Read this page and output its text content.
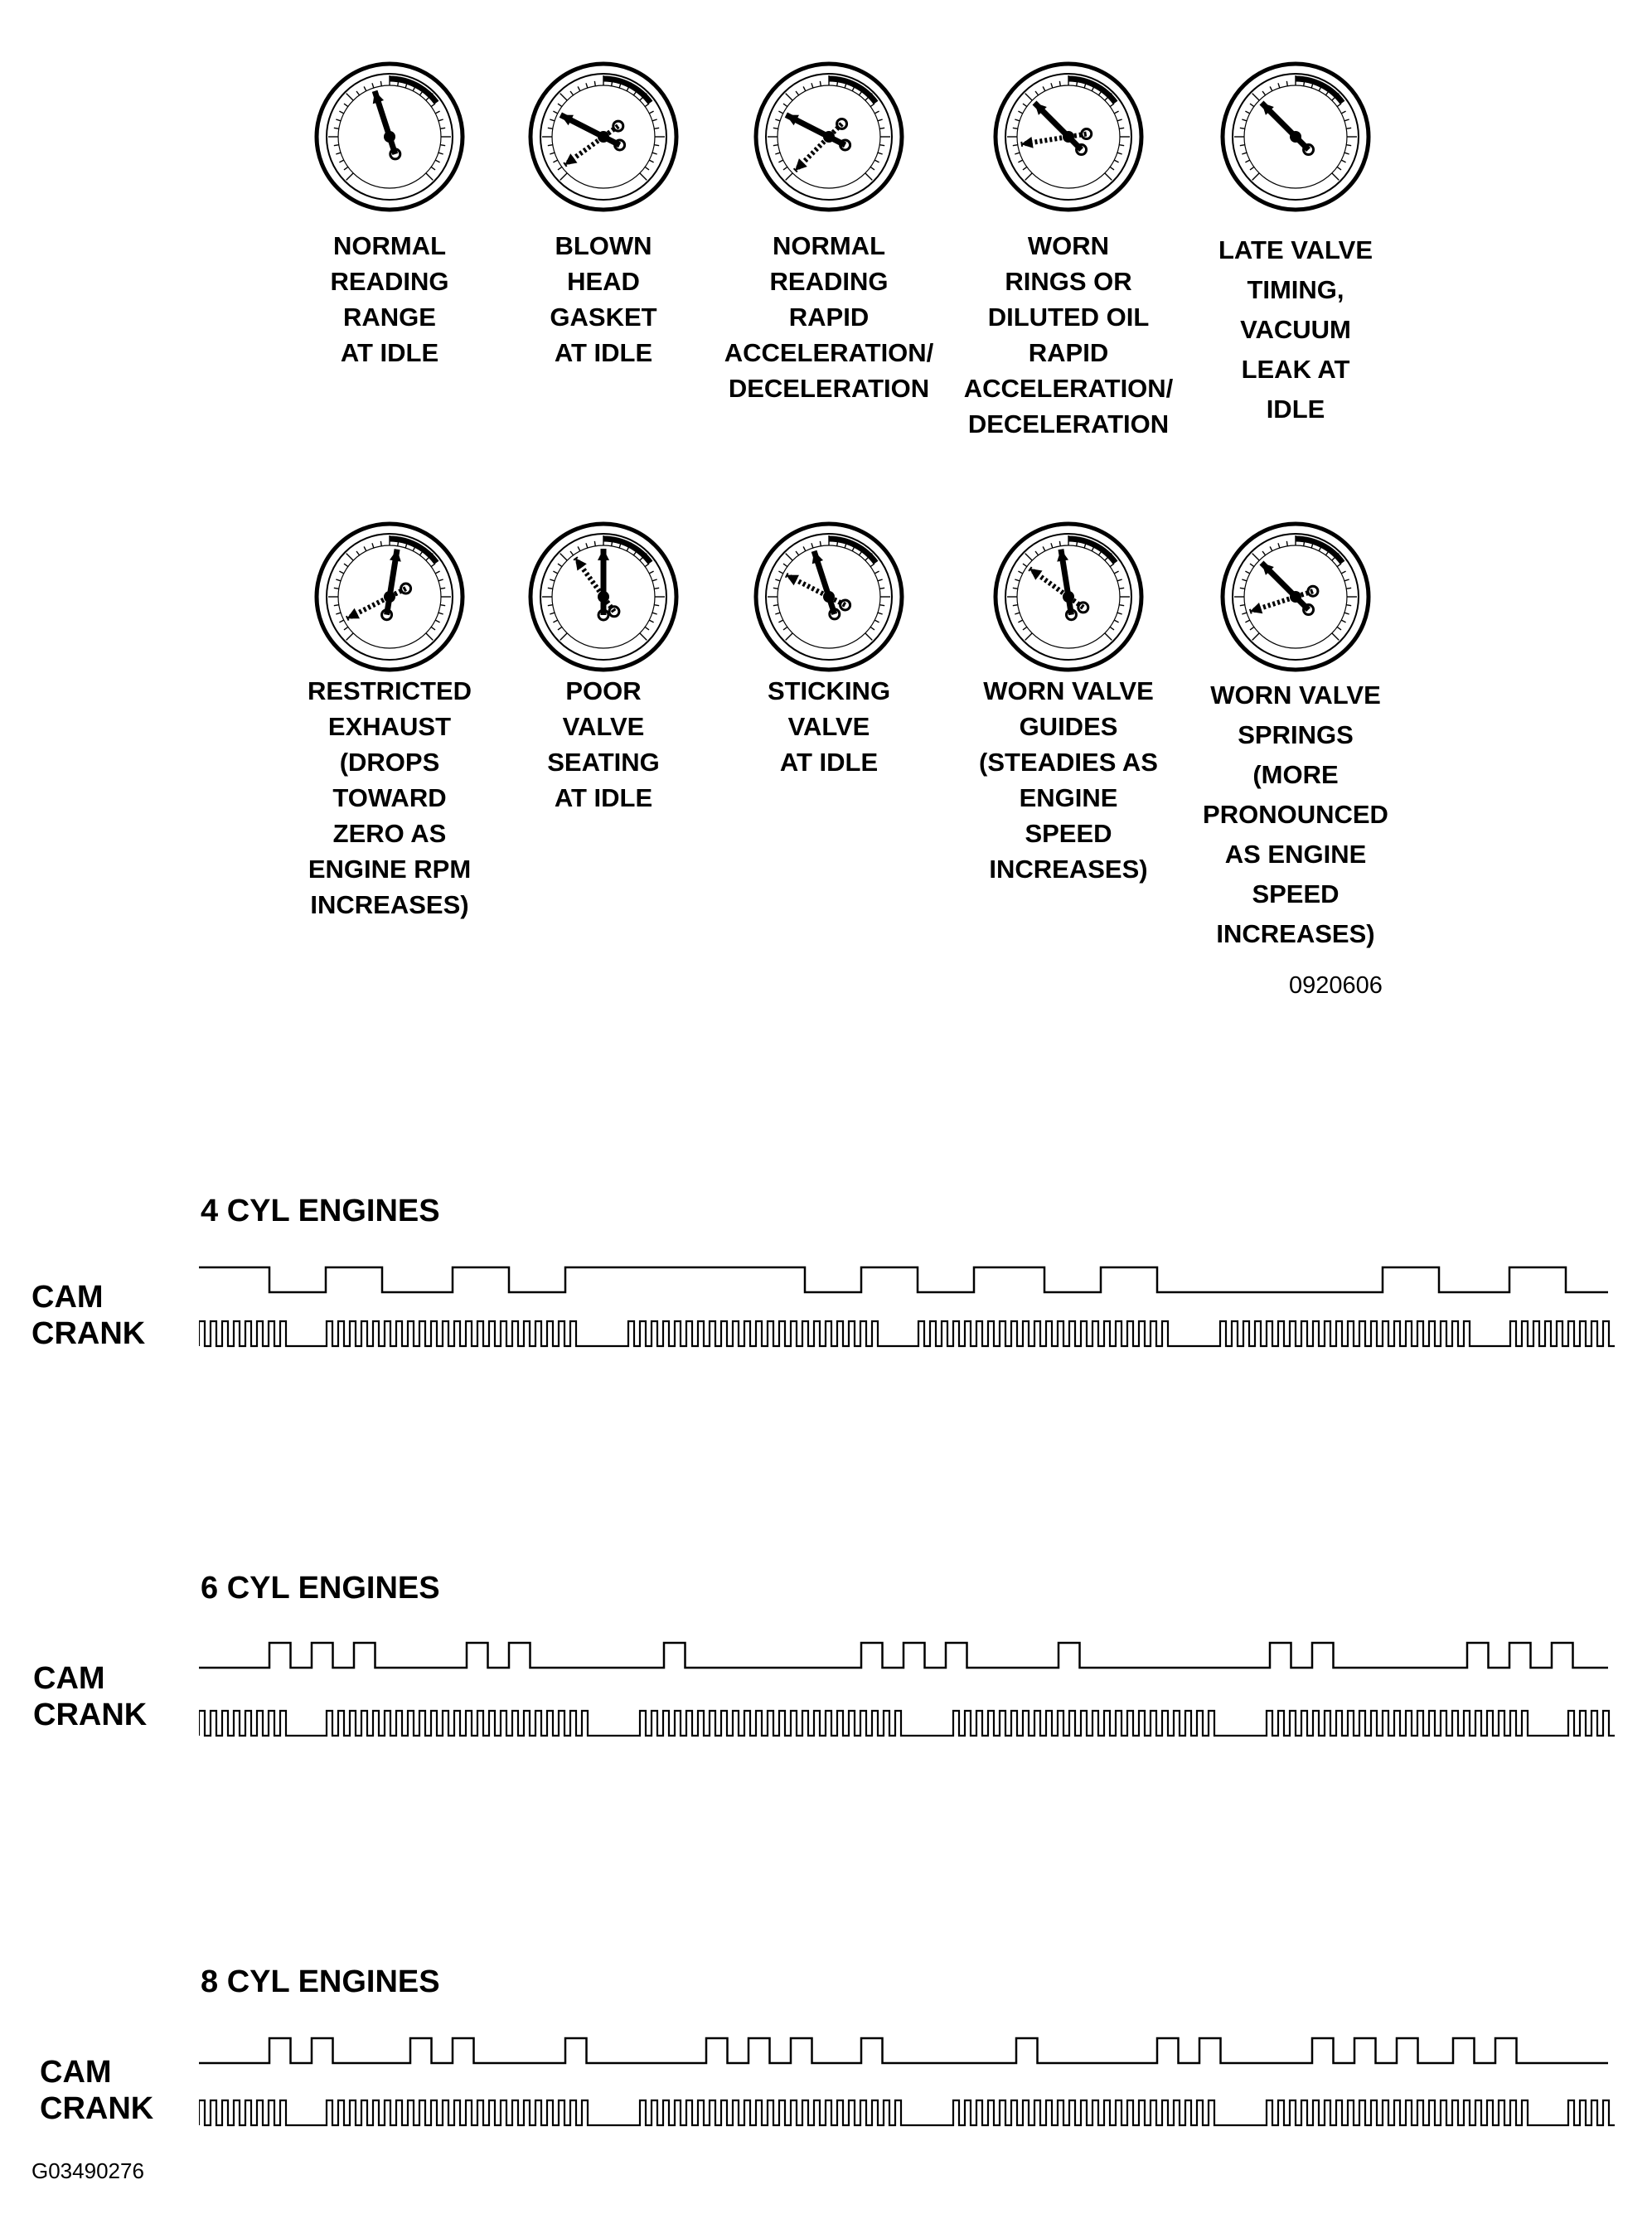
NORMAL
READING
RANGE
AT IDLE
BLOWN
HEAD
GASKET
AT IDLE
NORMAL
READING
RAPID
ACCELERATION/
DECELERATION
WORN
RINGS OR
DILUTED OIL
RAPID
ACCELERATION/
DECELERATION
LATE VALVE
TIMING,
VACUUM
LEAK AT
IDLE
RESTRICTED
EXHAUST
(DROPS
TOWARD
ZERO AS
ENGINE RPM
INCREASES)
POOR
VALVE
SEATING
AT IDLE
STICKING
VALVE
AT IDLE
WORN VALVE
GUIDES
(STEADIES AS
ENGINE
SPEED
INCREASES)
WORN VALVE
SPRINGS
(MORE
PRONOUNCED
AS ENGINE
SPEED
INCREASES)
0920606
4 CYL ENGINES
CAM
CRANK
6 CYL ENGINES
CAM
CRANK
8 CYL ENGINES
CAM
CRANK
G03490276
